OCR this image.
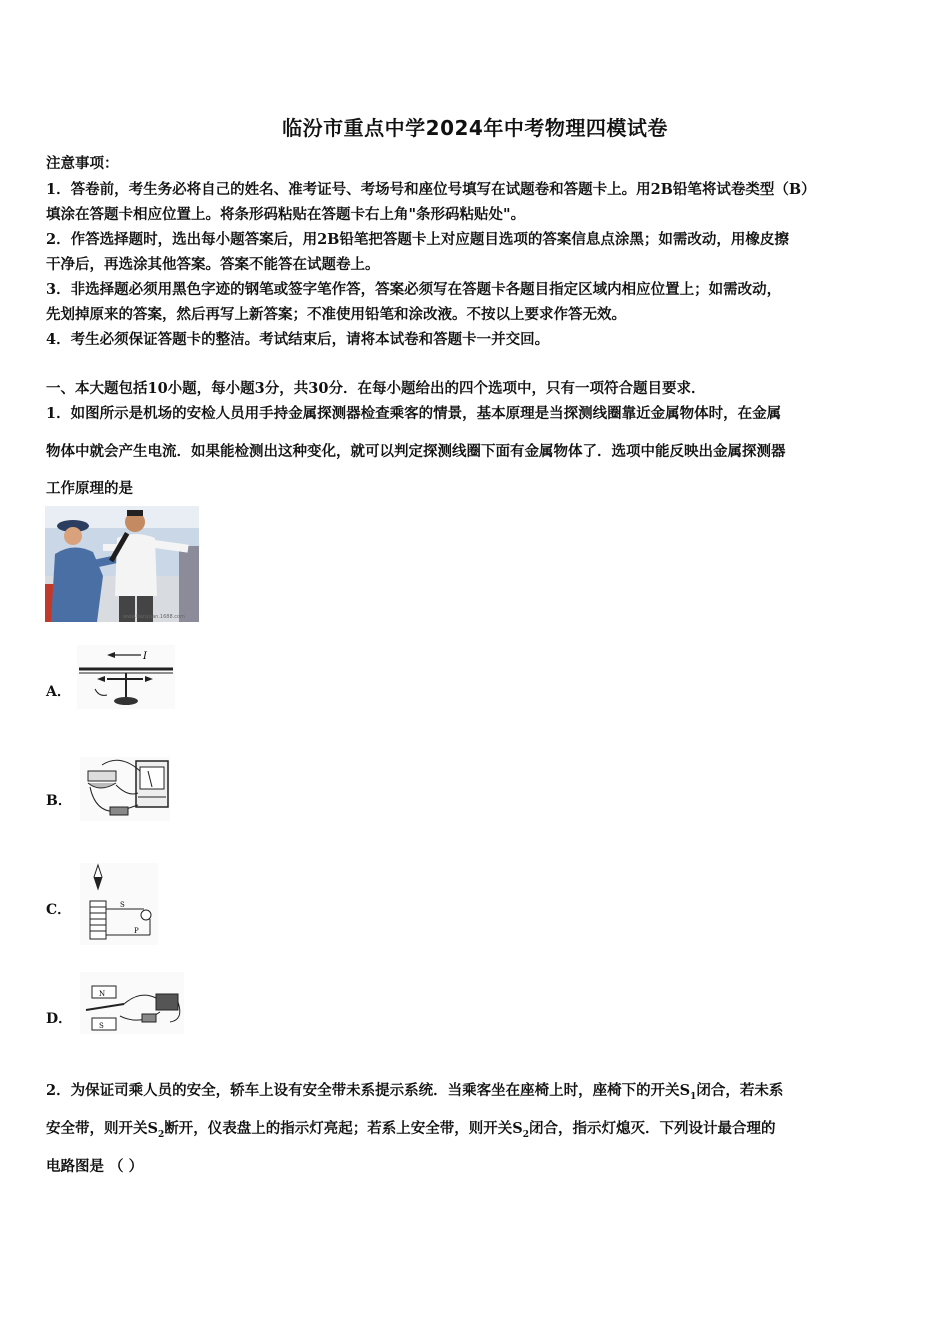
临汾市重点中学2024年中考物理四模试卷
注意事项：
1．答卷前，考生务必将自己的姓名、准考证号、考场号和座位号填写在试题卷和答题卡上。用2B铅笔将试卷类型（B）
填涂在答题卡相应位置上。将条形码粘贴在答题卡右上角"条形码粘贴处"。
2．作答选择题时，选出每小题答案后，用2B铅笔把答题卡上对应题目选项的答案信息点涂黑；如需改动，用橡皮擦
干净后，再选涂其他答案。答案不能答在试题卷上。
3．非选择题必须用黑色字迹的钢笔或签字笔作答，答案必须写在答题卡各题目指定区域内相应位置上；如需改动，
先划掉原来的答案，然后再写上新答案；不准使用铅笔和涂改液。不按以上要求作答无效。
4．考生必须保证答题卡的整洁。考试结束后，请将本试卷和答题卡一并交回。
一、本大题包括10小题，每小题3分，共30分．在每小题给出的四个选项中，只有一项符合题目要求．
1．如图所示是机场的安检人员用手持金属探测器检查乘客的情景，基本原理是当探测线圈靠近金属物体时，在金属
物体中就会产生电流．如果能检测出这种变化，就可以判定探测线圈下面有金属物体了．选项中能反映出金属探测器
工作原理的是
www.tianyuan.1688.com
A．
I
B．
C．	S
P
D．
N
S
2．为保证司乘人员的安全，轿车上设有安全带未系提示系统．当乘客坐在座椅上时，座椅下的开关$S_1$闭合，若未系
安全带，则开关$S_2$断开，仪表盘上的指示灯亮起；若系上安全带，则开关$S_2$闭合，指示灯熄灭．下列设计最合理的
电路图是 （ ）
